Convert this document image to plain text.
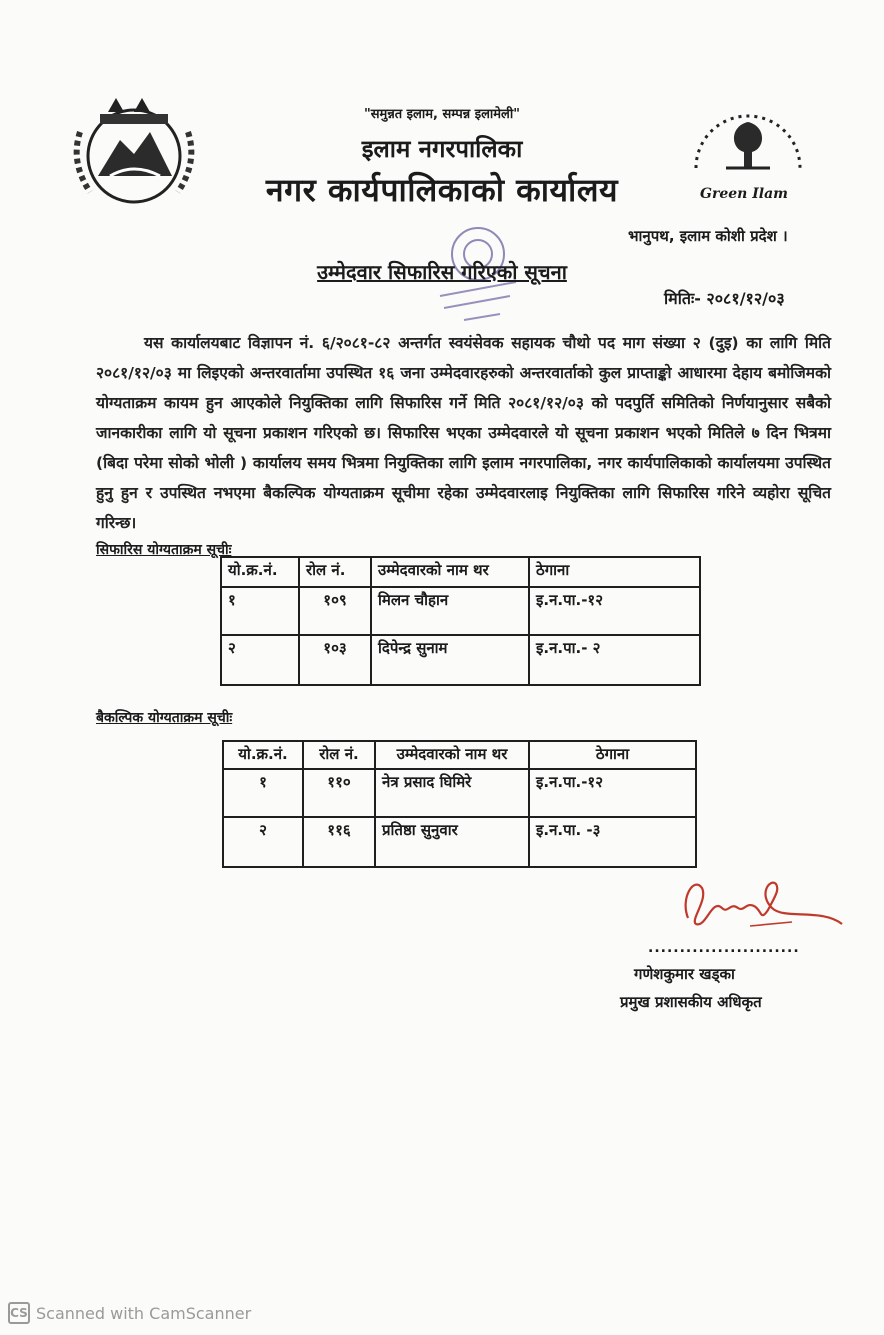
Green Ilam
"समुन्नत इलाम, सम्पन्न इलामेली"
इलाम नगरपालिका
नगर कार्यपालिकाको कार्यालय
भानुपथ, इलाम कोशी प्रदेश ।
उम्मेदवार सिफारिस गरिएको सूचना
मितिः- २०८१/१२/०३
यस कार्यालयबाट विज्ञापन नं. ६/२०८१-८२ अन्तर्गत स्वयंसेवक सहायक चौथो पद माग संख्या २ (दुइ) का लागि मिति २०८१/१२/०३ मा लिइएको अन्तरवार्तामा उपस्थित १६ जना उम्मेदवारहरुको अन्तरवार्ताको कुल प्राप्ताङ्को आधारमा देहाय बमोजिमको योग्यताक्रम कायम हुन आएकोले नियुक्तिका लागि सिफारिस गर्ने मिति २०८१/१२/०३ को पदपुर्ति समितिको निर्णयानुसार सबैको जानकारीका लागि यो सूचना प्रकाशन गरिएको छ। सिफारिस भएका उम्मेदवारले यो सूचना प्रकाशन भएको मितिले ७ दिन भित्रमा (बिदा परेमा सोको भोली ) कार्यालय समय भित्रमा नियुक्तिका लागि इलाम नगरपालिका, नगर कार्यपालिकाको कार्यालयमा उपस्थित हुनु हुन र उपस्थित नभएमा बैकल्पिक योग्यताक्रम सूचीमा रहेका उम्मेदवारलाइ नियुक्तिका लागि सिफारिस गरिने व्यहोरा सूचित गरिन्छ।
सिफारिस योग्यताक्रम सूचीः
यो.क्र.नं.	रोल नं.	उम्मेदवारको नाम थर	ठेगाना
१	१०९	मिलन चौहान	इ.न.पा.-१२
२	१०३	दिपेन्द्र सुनाम	इ.न.पा.- २
बैकल्पिक योग्यताक्रम सूचीः
यो.क्र.नं.	रोल नं.	उम्मेदवारको नाम थर	ठेगाना
१	११०	नेत्र प्रसाद घिमिरे	इ.न.पा.-१२
२	११६	प्रतिष्ठा सुनुवार	इ.न.पा. -३
........................
गणेशकुमार खड्का
प्रमुख प्रशासकीय अधिकृत
CS Scanned with CamScanner
